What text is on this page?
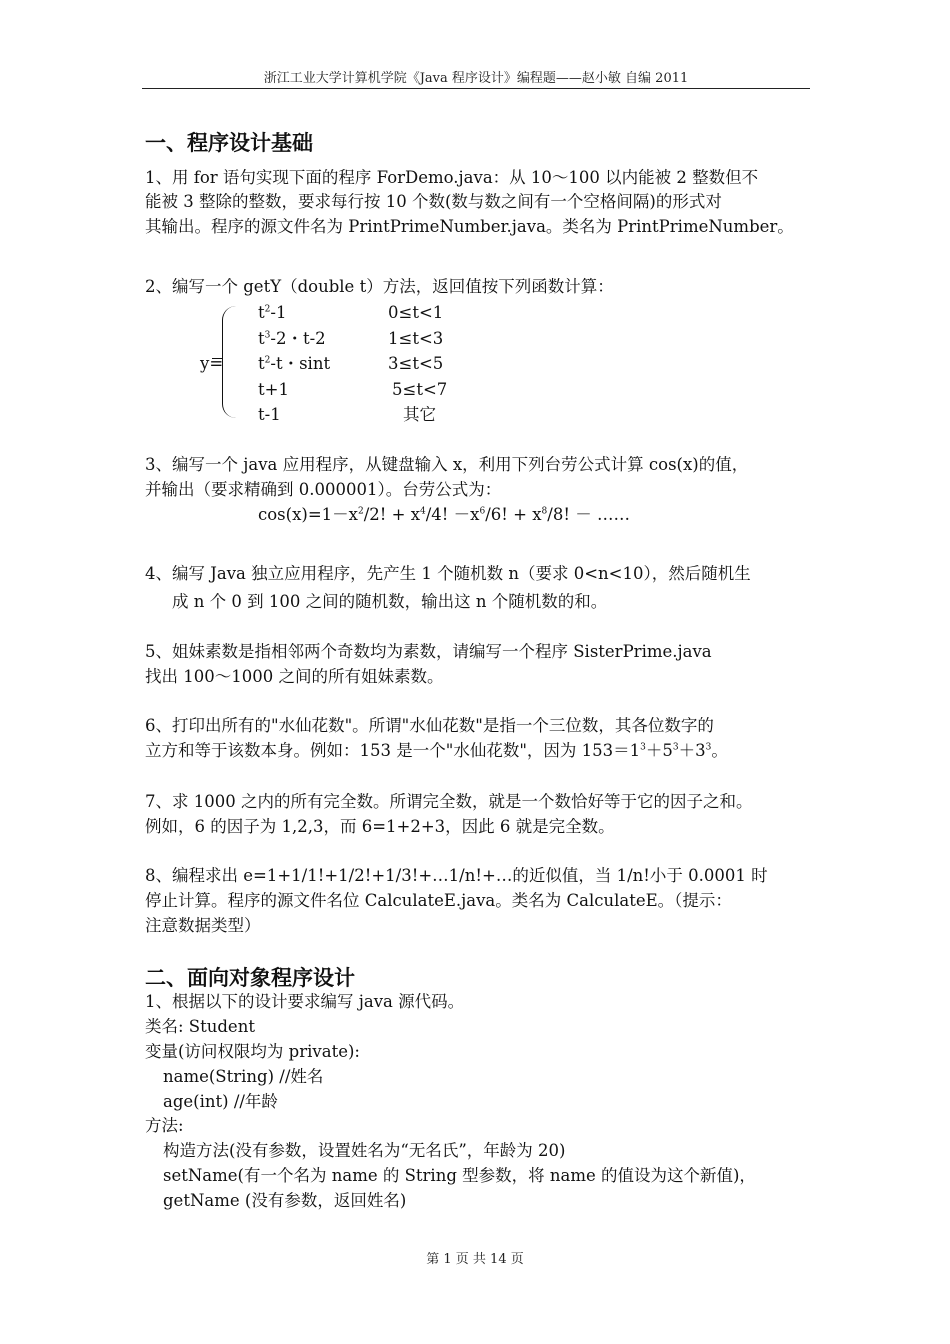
浙江工业大学计算机学院《Java 程序设计》编程题——赵小敏 自编 2011
一、程序设计基础
1、用 for 语句实现下面的程序 ForDemo.java：从 10～100 以内能被 2 整数但不
能被 3 整除的整数，要求每行按 10 个数(数与数之间有一个空格间隔)的形式对
其输出。程序的源文件名为 PrintPrimeNumber.java。类名为 PrintPrimeNumber。
2、编写一个 getY（double t）方法，返回值按下列函数计算：
y=
$t^2-1$	0≤t<1
$t^3-2$・t-2	1≤t<3
$t^2-t$・sint	3≤t<5
t+1	5≤t<7
t-1	其它
3、编写一个 java 应用程序，从键盘输入 x，利用下列台劳公式计算 cos(x)的值，
并输出（要求精确到 0.000001）。台劳公式为：
$\cos(x)=1-x^2/2$! + $x^4/4$! $-x^6/6$! + $x^8/8$! － ……
4、编写 Java 独立应用程序，先产生 1 个随机数 n（要求 0<n<10），然后随机生
成 n 个 0 到 100 之间的随机数，输出这 n 个随机数的和。
5、姐妹素数是指相邻两个奇数均为素数，请编写一个程序 SisterPrime.java
找出 100～1000 之间的所有姐妹素数。
6、打印出所有的"水仙花数"。所谓"水仙花数"是指一个三位数，其各位数字的
立方和等于该数本身。例如：153 是一个"水仙花数"，因为 $153=1^3+5^3+3^3$。
7、求 1000 之内的所有完全数。所谓完全数，就是一个数恰好等于它的因子之和。
例如，6 的因子为 1,2,3，而 6=1+2+3，因此 6 就是完全数。
8、编程求出 e=1+1/1!+1/2!+1/3!+…1/n!+…的近似值，当 1/n!小于 0.0001 时
停止计算。程序的源文件名位 CalculateE.java。类名为 CalculateE。（提示：
注意数据类型）
二、面向对象程序设计
1、根据以下的设计要求编写 java 源代码。
类名: Student
变量(访问权限均为 private):
name(String) //姓名
age(int) //年龄
方法:
构造方法(没有参数，设置姓名为“无名氏”，年龄为 20)
setName(有一个名为 name 的 String 型参数，将 name 的值设为这个新值)，
getName (没有参数，返回姓名)
第 1 页 共 14 页
